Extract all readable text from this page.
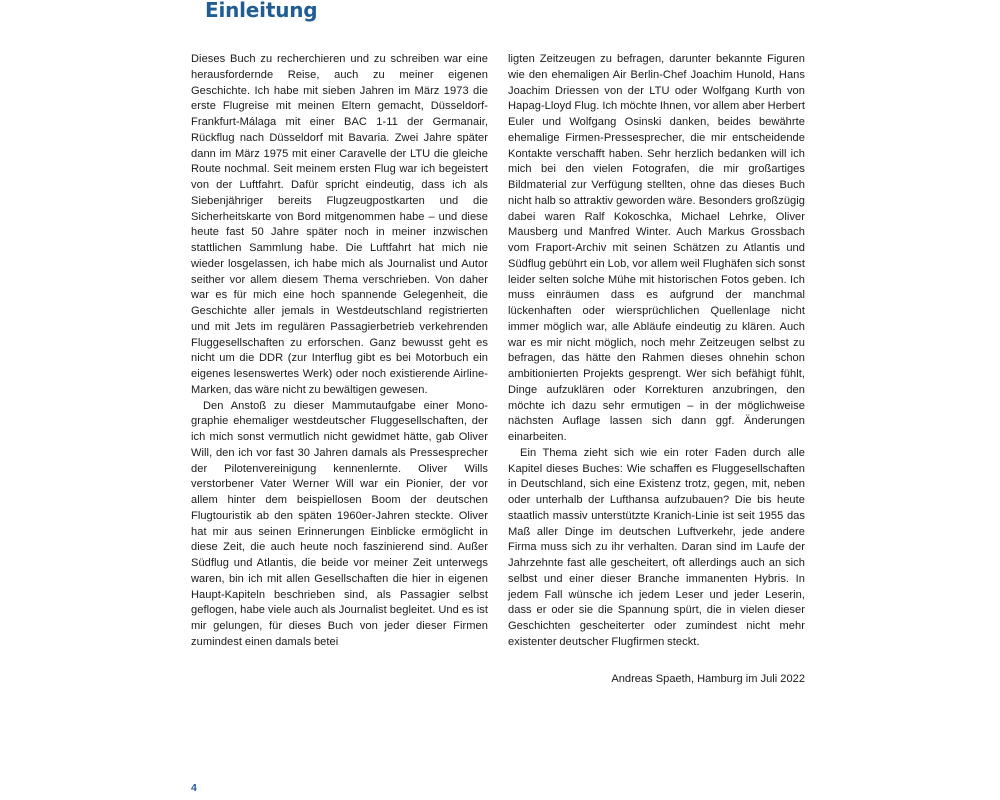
Einleitung

Dieses Buch zu recherchieren und zu schreiben war eine herausfordernde Reise, auch zu meiner eigenen Geschichte. Ich habe mit sieben Jahren im März 1973 die erste Flugreise mit meinen Eltern gemacht, Düsseldorf-Frankfurt-Málaga mit einer BAC 1-11 der Germanair, Rückflug nach Düsseldorf mit Bavaria. Zwei Jahre später dann im März 1975 mit einer Caravelle der LTU die gleiche Route nochmal. Seit meinem ersten Flug war ich begeistert von der Luftfahrt. Dafür spricht eindeutig, dass ich als Siebenjähriger bereits Flugzeugpostkarten und die Sicherheitskarte von Bord mitgenommen habe – und diese heute fast 50 Jahre später noch in meiner inzwischen stattlichen Sammlung habe. Die Luftfahrt hat mich nie wieder losgelassen, ich habe mich als Journalist und Autor seither vor allem diesem Thema verschrieben. Von daher war es für mich eine hoch spannende Gelegenheit, die Geschichte aller jemals in Westdeutschland registrierten und mit Jets im regulären Passagierbetrieb verkehrenden Fluggesellschaften zu erforschen. Ganz bewusst geht es nicht um die DDR (zur Interflug gibt es bei Motorbuch ein eigenes lesenswertes Werk) oder noch existierende Airline-Marken, das wäre nicht zu bewältigen gewesen.

Den Anstoß zu dieser Mammutaufgabe einer Monographie ehemaliger westdeutscher Fluggesellschaften, der ich mich sonst vermutlich nicht gewidmet hätte, gab Oliver Will, den ich vor fast 30 Jahren damals als Pressesprecher der Pilotenvereinigung kennenlernte. Oliver Wills verstorbener Vater Werner Will war ein Pionier, der vor allem hinter dem beispiellosen Boom der deutschen Flugtouristik ab den späten 1960er-Jahren steckte. Oliver hat mir aus seinen Erinnerungen Einblicke ermöglicht in diese Zeit, die auch heute noch faszinierend sind. Außer Südflug und Atlantis, die beide vor meiner Zeit unterwegs waren, bin ich mit allen Gesellschaften die hier in eigenen Haupt-Kapiteln beschrieben sind, als Passagier selbst geflogen, habe viele auch als Journalist begleitet. Und es ist mir gelungen, für dieses Buch von jeder dieser Firmen zumindest einen damals betei

ligten Zeitzeugen zu befragen, darunter bekannte Figuren wie den ehemaligen Air Berlin-Chef Joachim Hunold, Hans Joachim Driessen von der LTU oder Wolfgang Kurth von Hapag-Lloyd Flug. Ich möchte Ihnen, vor allem aber Herbert Euler und Wolfgang Osinski danken, beides bewährte ehemalige Firmen-Pressesprecher, die mir entscheidende Kontakte verschafft haben. Sehr herzlich bedanken will ich mich bei den vielen Fotografen, die mir großartiges Bildmaterial zur Verfügung stellten, ohne das dieses Buch nicht halb so attraktiv geworden wäre. Besonders großzügig dabei waren Ralf Kokoschka, Michael Lehrke, Oliver Mausberg und Manfred Winter. Auch Markus Grossbach vom Fraport-Archiv mit seinen Schätzen zu Atlantis und Südflug gebührt ein Lob, vor allem weil Flughäfen sich sonst leider selten solche Mühe mit historischen Fotos geben. Ich muss einräumen dass es aufgrund der manchmal lückenhaften oder wiersprüchlichen Quellenlage nicht immer möglich war, alle Abläufe eindeutig zu klären. Auch war es mir nicht möglich, noch mehr Zeitzeugen selbst zu befragen, das hätte den Rahmen dieses ohnehin schon ambitionierten Projekts gesprengt. Wer sich befähigt fühlt, Dinge aufzuklären oder Korrekturen anzubringen, den möchte ich dazu sehr ermutigen – in der möglichweise nächsten Auflage lassen sich dann ggf. Änderungen einarbeiten.

Ein Thema zieht sich wie ein roter Faden durch alle Kapitel dieses Buches: Wie schaffen es Fluggesellschaften in Deutschland, sich eine Existenz trotz, gegen, mit, neben oder unterhalb der Lufthansa aufzubauen? Die bis heute staatlich massiv unterstützte Kranich-Linie ist seit 1955 das Maß aller Dinge im deutschen Luftverkehr, jede andere Firma muss sich zu ihr verhalten. Daran sind im Laufe der Jahrzehnte fast alle gescheitert, oft allerdings auch an sich selbst und einer dieser Branche immanenten Hybris. In jedem Fall wünsche ich jedem Leser und jeder Leserin, dass er oder sie die Spannung spürt, die in vielen dieser Geschichten gescheiterter oder zumindest nicht mehr existenter deutscher Flugfirmen steckt.

Andreas Spaeth, Hamburg im Juli 2022
4
